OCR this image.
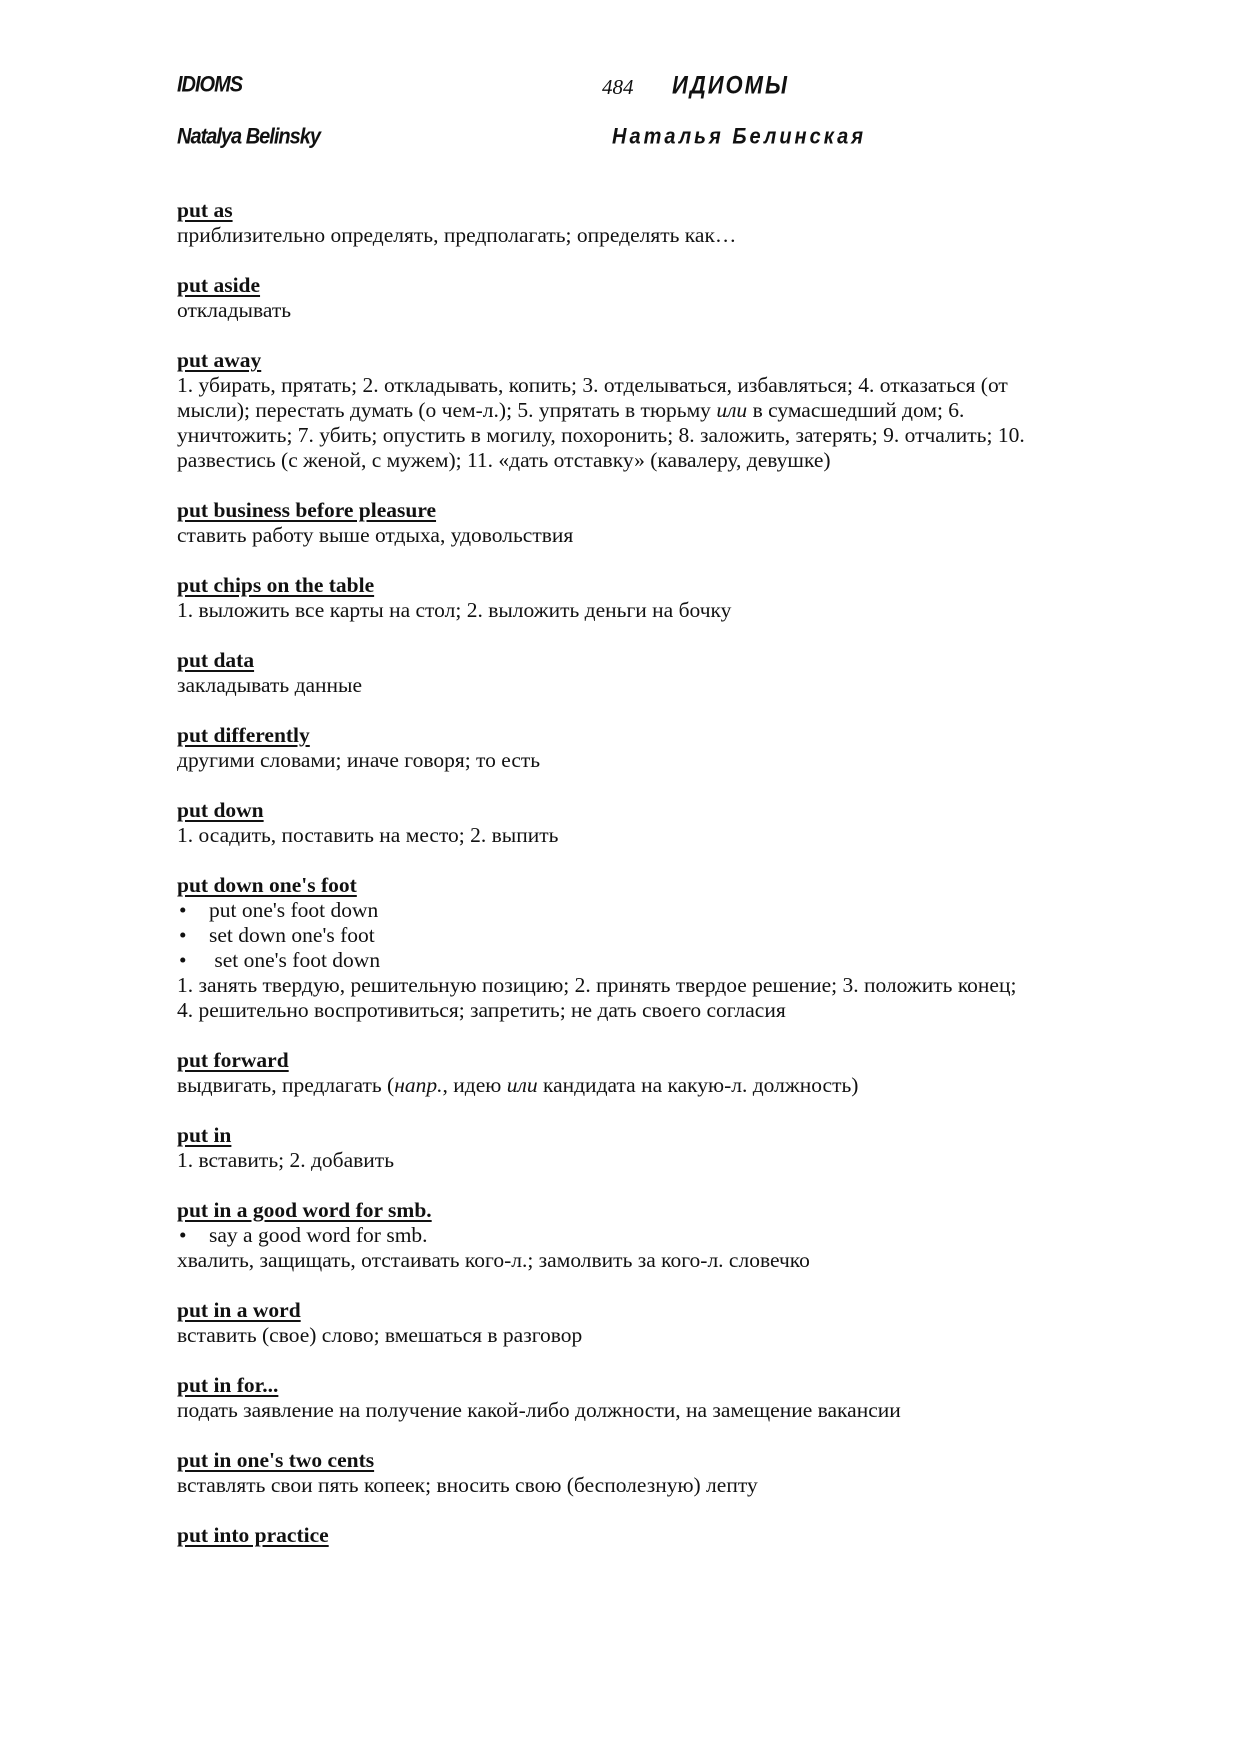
IDIOMS	484 ИДИОМЫ
Natalya Belinsky	Наталья Белинская
put as
приблизительно определять, предполагать; определять как…
put aside
откладывать
put away
1. убирать, прятать; 2. откладывать, копить; 3. отделываться, избавляться; 4. отказаться (от мысли); перестать думать (о чем-л.); 5. упрятать в тюрьму или в сумасшедший дом; 6. уничтожить; 7. убить; опустить в могилу, похоронить; 8. заложить, затерять; 9. отчалить; 10. развестись (с женой, с мужем); 11. «дать отставку» (кавалеру, девушке)
put business before pleasure
ставить работу выше отдыха, удовольствия
put chips on the table
1. выложить все карты на стол; 2. выложить деньги на бочку
put data
закладывать данные
put differently
другими словами; иначе говоря; то есть
put down
1. осадить, поставить на место; 2. выпить
put down one's foot
• put one's foot down
• set down one's foot
• set one's foot down
1. занять твердую, решительную позицию; 2. принять твердое решение; 3. положить конец; 4. решительно воспротивиться; запретить; не дать своего согласия
put forward
выдвигать, предлагать (напр., идею или кандидата на какую-л. должность)
put in
1. вставить; 2. добавить
put in a good word for smb.
• say a good word for smb.
хвалить, защищать, отстаивать кого-л.; замолвить за кого-л. словечко
put in a word
вставить (свое) слово; вмешаться в разговор
put in for...
подать заявление на получение какой-либо должности, на замещение вакансии
put in one's two cents
вставлять свои пять копеек; вносить свою (бесполезную) лепту
put into practice
